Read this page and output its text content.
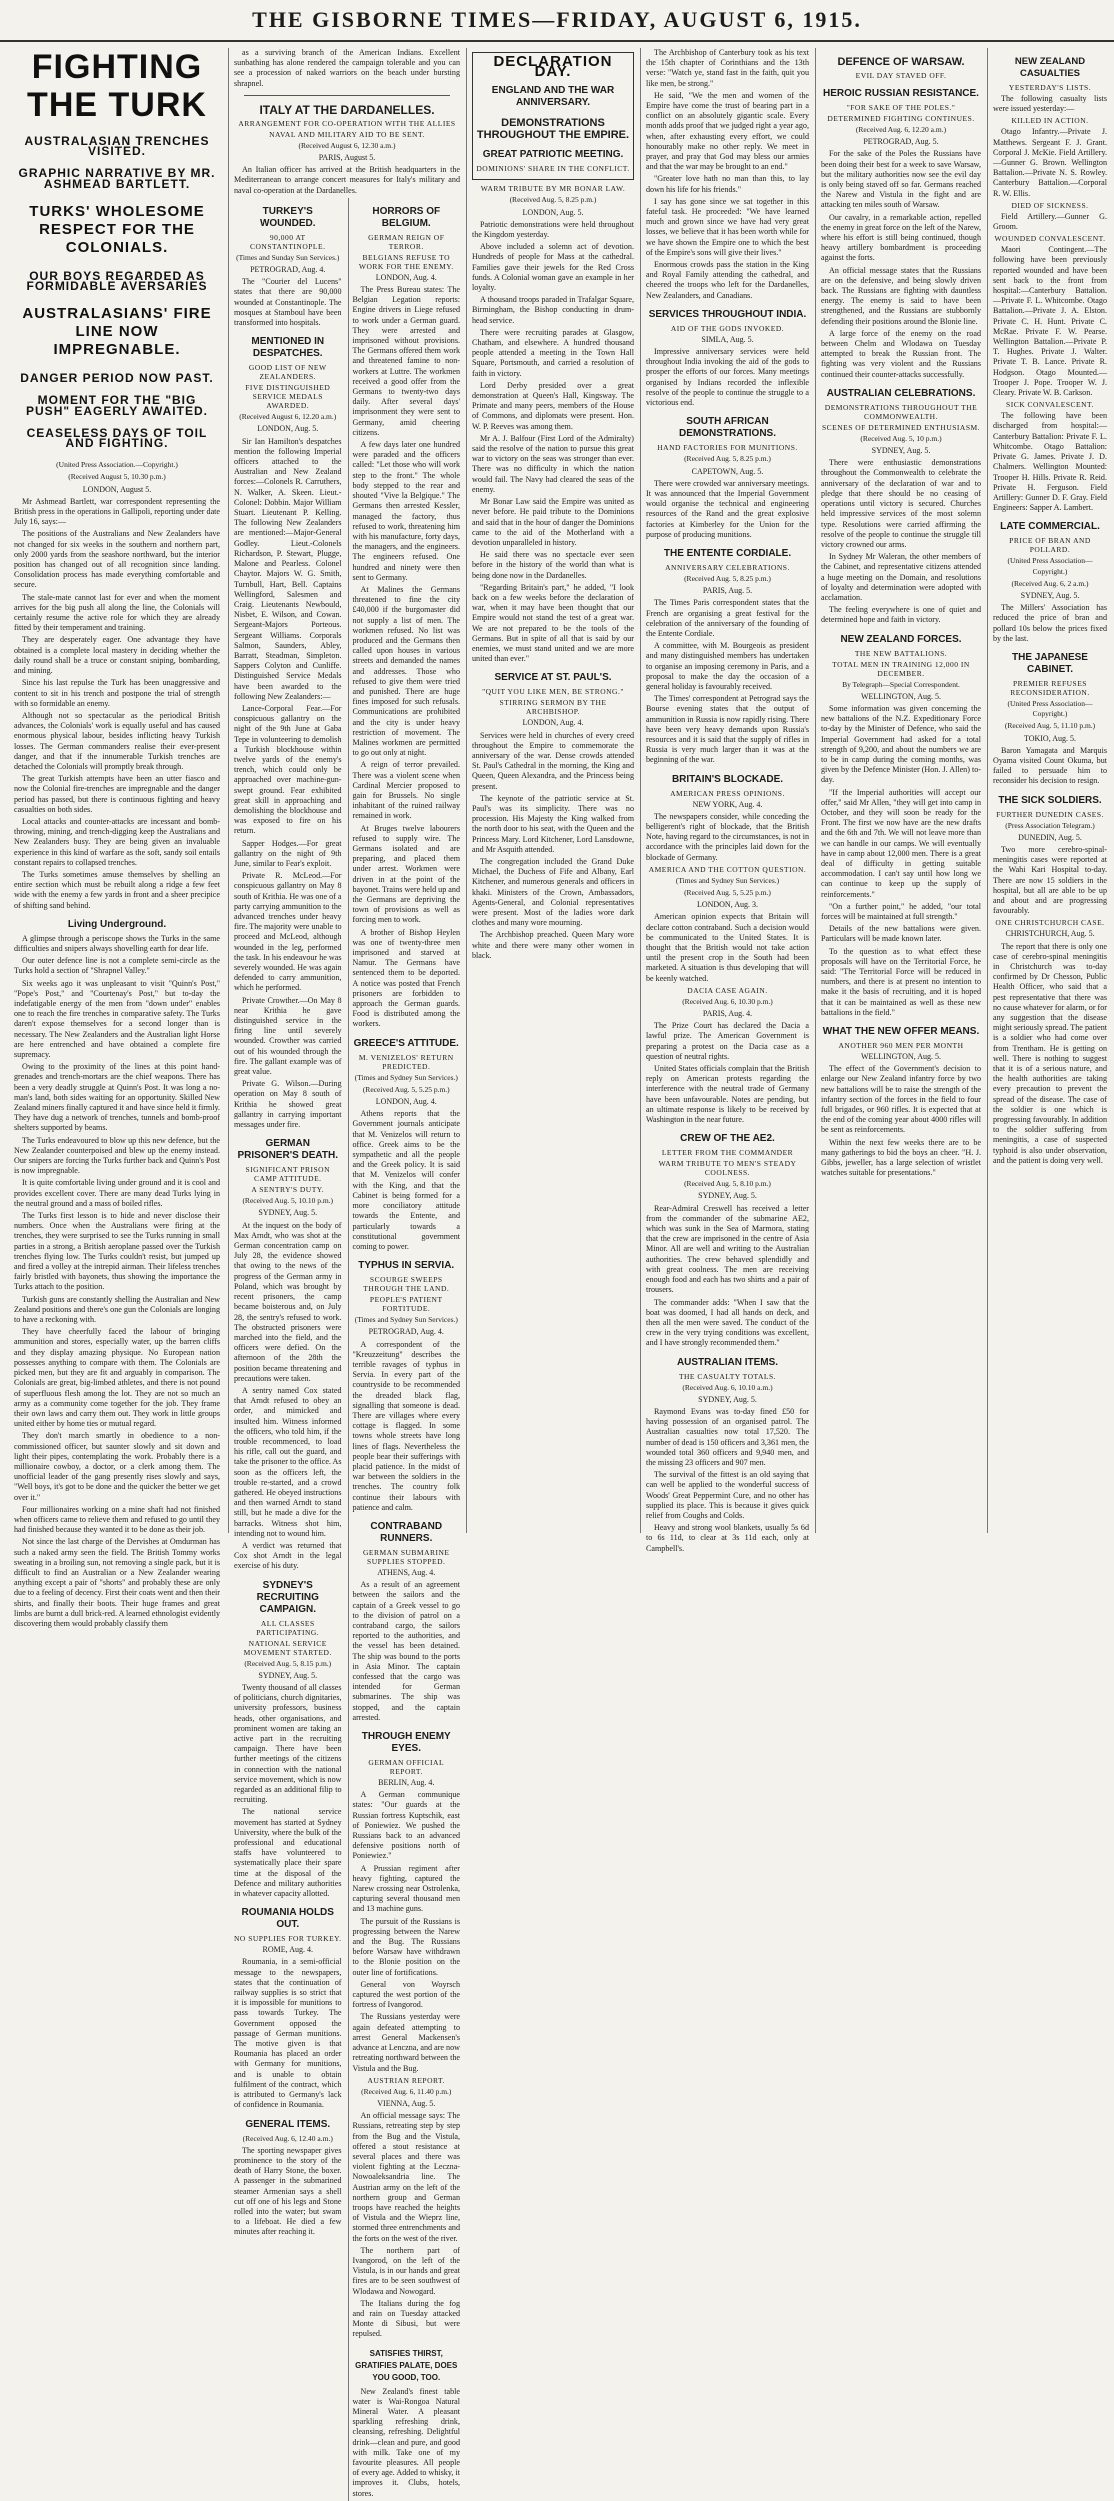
THE GISBORNE TIMES—FRIDAY, AUGUST 6, 1915.
FIGHTING THE TURK
AUSTRALASIAN TRENCHES VISITED.
GRAPHIC NARRATIVE BY MR. ASHMEAD BARTLETT.
TURKS' WHOLESOME RESPECT FOR THE COLONIALS.
OUR BOYS REGARDED AS FORMIDABLE AVERSARIES
AUSTRALASIANS' FIRE LINE NOW IMPREGNABLE.
DANGER PERIOD NOW PAST.
MOMENT FOR THE "BIG PUSH" EAGERLY AWAITED.
CEASELESS DAYS OF TOIL AND FIGHTING.
(United Press Association.—Copyright.)
(Received August 5, 10.30 p.m.)
LONDON, August 5.

Mr Ashmead Bartlett, war correspondent representing the British press in the operations in Gallipoli, reporting under date July 16, says:—

The positions of the Australians and New Zealanders have not changed for six weeks in the southern and northern part, only 2000 yards from the seashore northward, but the interior position has changed out of all recognition since landing. Consolidation process has made everything comfortable and secure.

The stale-mate cannot last for ever and when the moment arrives for the big push all along the line, the Colonials will certainly resume the active role for which they are already fitted by their temperament and training.

They are desperately eager. One advantage they have obtained is a complete local mastery in deciding whether the daily round shall be a truce or constant sniping, bombarding, and mining.

Since his last repulse the Turk has been unaggressive and content to sit in his trench and postpone the trial of strength with so formidable an enemy.

Although not so spectacular as the periodical British advances, the Colonials' work is equally useful and has caused enormous physical labour, besides inflicting heavy Turkish losses. The German commanders realise their ever-present danger, and that if the innumerable Turkish trenches are detached the Colonials will promptly break through.

The great Turkish attempts have been an utter fiasco and now the Colonial fire-trenches are impregnable and the danger period has passed, but there is continuous fighting and heavy casualties on both sides.

Local attacks and counter-attacks are incessant and bomb-throwing, mining, and trench-digging keep the Australians and New Zealanders busy. They are being given an invaluable experience in this kind of warfare as the soft, sandy soil entails constant repairs to collapsed trenches.

The Turks sometimes amuse themselves by shelling an entire section which must be rebuilt along a ridge a few feet wide with the enemy a few yards in front and a sheer precipice of shifting sand behind.

Living Underground.

A glimpse through a periscope shows the Turks in the same difficulties and snipers always shovelling earth for dear life.

Our outer defence line is not a complete semi-circle as the Turks hold a section of "Shrapnel Valley."

Six weeks ago it was unpleasant to visit "Quinn's Post," "Pope's Post," and "Courtenay's Post," but to-day the indefatigable energy of the men from "down under" enables one to reach the fire trenches in comparative safety. The Turks daren't expose themselves for a second longer than is necessary. The New Zealanders and the Australian light Horse are here entrenched and have obtained a complete fire supremacy.

Owing to the proximity of the lines at this point hand-grenades and trench-mortars are the chief weapons. There has been a very deadly struggle at Quinn's Post. It was long a no-man's land, both sides waiting for an opportunity. Skilled New Zealand miners finally captured it and have since held it firmly. They have dug a network of trenches, tunnels and bomb-proof shelters supported by beams.

The Turks endeavoured to blow up this new defence, but the New Zealander counterpoised and blew up the enemy instead. Our snipers are forcing the Turks further back and Quinn's Post is now impregnable.

It is quite comfortable living under ground and it is cool and provides excellent cover. There are many dead Turks lying in the neutral ground and a mass of boiled rifles.

The Turks first lesson is to hide and never disclose their numbers. Once when the Australians were firing at the trenches, they were surprised to see the Turks running in small parties in a strong, a British aeroplane passed over the Turkish trenches flying low. The Turks couldn't resist, but jumped up and fired a volley at the intrepid airman. Their lifeless trenches fairly bristled with bayonets, thus showing the importance the Turks attach to the position.

Turkish guns are constantly shelling the Australian and New Zealand positions and there's one gun the Colonials are longing to have a reckoning with.

They have cheerfully faced the labour of bringing ammunition and stores, especially water, up the barren cliffs and they display amazing physique. No European nation possesses anything to compare with them. The Colonials are picked men, but they are fit and arguably in comparison. The Colonials are great, big-limbed athletes, and there is not pound of superfluous flesh among the lot. They are not so much an army as a community come together for the job. They frame their own laws and carry them out. They work in little groups united either by home ties or mutual regard.

They don't march smartly in obedience to a non-commissioned officer, but saunter slowly and sit down and light their pipes, contemplating the work. Probably there is a millionaire cowboy, a doctor, or a clerk among them. The unofficial leader of the gang presently rises slowly and says, "Well boys, it's got to be done and the quicker the better we get over it."

Four millionaires working on a mine shaft had not finished when officers came to relieve them and refused to go until they had finished because they wanted it to be done as their job.

Not since the last charge of the Dervishes at Omdurman has such a naked army seen the field. The British Tommy works sweating in a broiling sun, not removing a single pack, but it is difficult to find an Australian or a New Zealander wearing anything except a pair of "shorts" and probably these are only due to a feeling of decency. First their coats went and then their shirts, and finally their boots. Their huge frames and great limbs are burnt a dull brick-red. A learned ethnologist evidently discovering them would probably classify them

as a surviving branch of the American Indians. Excellent sunbathing has alone rendered the campaign tolerable and you can see a procession of naked warriors on the beach under bursting shrapnel.

ITALY AT THE DARDANELLES.
ARRANGEMENT FOR CO-OPERATION WITH THE ALLIES
NAVAL AND MILITARY AID TO BE SENT.
(Received August 6, 12.30 a.m.)
PARIS, August 5.

An Italian officer has arrived at the British headquarters in the Mediterranean to arrange concert measures for Italy's military and naval co-operation at the Dardanelles.

TURKEY'S WOUNDED.
90,000 AT CONSTANTINOPLE.
(Times and Sunday Sun Services.)
PETROGRAD, Aug. 4.

The "Courier del Lucens" states that there are 90,000 wounded at Constantinople. The mosques at Stamboul have been transformed into hospitals.

MENTIONED IN DESPATCHES.
GOOD LIST OF NEW ZEALANDERS.
FIVE DISTINGUISHED SERVICE MEDALS AWARDED.
(Received August 6, 12.20 a.m.)
LONDON, Aug. 5.

Sir Ian Hamilton's despatches mention the following Imperial officers attached to the Australian and New Zealand forces:—Colonels R. Carruthers, N. Walker, A. Skeen. Lieut.-Colonel: Dobbin. Major William Stuart. Lieutenant P. Kelling. The following New Zealanders are mentioned:—Major-General Godley. Lieut.-Colonels Richardson, P. Stewart, Plugge, Malone and Pearless. Colonel Chaytor. Majors W. G. Smith, Turnbull, Hart, Bell. Captains Wellingford, Salesmen and Craig. Lieutenants Newbould, Nisbet, E. Wilson, and Cowan. Sergeant-Majors Porteous. Sergeant Williams. Corporals Salmon, Saunders, Abley, Barratt, Steadman, Simpleton. Sappers Colyton and Cunliffe. Distinguished Service Medals have been awarded to the following New Zealanders:—

Lance-Corporal Fear.—For conspicuous gallantry on the night of the 9th June at Gaba Tepe in volunteering to demolish a Turkish blockhouse within twelve yards of the enemy's trench, which could only be approached over machine-gun-swept ground. Fear exhibited great skill in approaching and demolishing the blockhouse and was exposed to fire on his return.

Sapper Hodges.—For great gallantry on the night of 9th June, similar to Fear's exploit.

Private R. McLeod.—For conspicuous gallantry on May 8 south of Krithia. He was one of a party carrying ammunition to the advanced trenches under heavy fire. The majority were unable to proceed and McLeod, although wounded in the leg, performed the task. In his endeavour he was severely wounded. He was again defended to carry ammunition, which he performed.

Private Crowther.—On May 8 near Krithia he gave distinguished service in the firing line until severely wounded. Crowther was carried out of his wounded through the fire. The gallant example was of great value.

Private G. Wilson.—During operation on May 8 south of Krithia he showed great gallantry in carrying important messages under fire.

GERMAN PRISONER'S DEATH.
SIGNIFICANT PRISON CAMP ATTITUDE.
A SENTRY'S DUTY.
(Received Aug. 5, 10.10 p.m.)
SYDNEY, Aug. 5.

At the inquest on the body of Max Arndt, who was shot at the German concentration camp on July 28, the evidence showed that owing to the news of the progress of the German army in Poland, which was brought by recent prisoners, the camp became boisterous and, on July 28, the sentry's refused to work. The obstructed prisoners were marched into the field, and the officers were defied. On the afternoon of the 28th the position became threatening and precautions were taken.

A sentry named Cox stated that Arndt refused to obey an order, and mimicked and insulted him. Witness informed the officers, who told him, if the trouble recommenced, to load his rifle, call out the guard, and take the prisoner to the office. As soon as the officers left, the trouble re-started, and a crowd gathered. He obeyed instructions and then warned Arndt to stand still, but he made a dive for the barracks. Witness shot him, intending not to wound him.

A verdict was returned that Cox shot Arndt in the legal exercise of his duty.

SYDNEY'S RECRUITING CAMPAIGN.
ALL CLASSES PARTICIPATING.
NATIONAL SERVICE MOVEMENT STARTED.
(Received Aug. 5, 8.15 p.m.)
SYDNEY, Aug. 5.

Twenty thousand of all classes of politicians, church dignitaries, university professors, business heads, other organisations, and prominent women are taking an active part in the recruiting campaign. There have been further meetings of the citizens in connection with the national service movement, which is now regarded as an additional filip to recruiting.

The national service movement has started at Sydney University, where the bulk of the professional and educational staffs have volunteered to systematically place their spare time at the disposal of the Defence and military authorities in whatever capacity allotted.

ROUMANIA HOLDS OUT.
NO SUPPLIES FOR TURKEY.
ROME, Aug. 4.

Roumania, in a semi-official message to the newspapers, states that the continuation of railway supplies is so strict that it is impossible for munitions to pass towards Turkey. The Government opposed the passage of German munitions. The motive given is that Roumania has placed an order with Germany for munitions, and is unable to obtain fulfilment of the contract, which is attributed to Germany's lack of confidence in Roumania.

GENERAL ITEMS.
(Received Aug. 6, 12.40 a.m.)

The sporting newspaper gives prominence to the story of the death of Harry Stone, the boxer. A passenger in the submarined steamer Armenian says a shell cut off one of his legs and Stone rolled into the water; but swam to a lifeboat. He died a few minutes after reaching it.

HORRORS OF BELGIUM.
GERMAN REIGN OF TERROR.
BELGIANS REFUSE TO WORK FOR THE ENEMY.
LONDON, Aug. 4.

The Press Bureau states: The Belgian Legation reports: Engine drivers in Liege refused to work under a German guard. They were arrested and imprisoned without provisions. The Germans offered them work and threatened famine to non-workers at Luttre. The workmen received a good offer from the Germans to twenty-two days daily. After several days' imprisonment they were sent to Germany, amid cheering citizens.

A few days later one hundred were paraded and the officers called: "Let those who will work step to the front." The whole body stepped to the rear and shouted "Vive la Belgique." The Germans then arrested Kessler, managed the factory, thus refused to work, threatening him with his manufacture, forty days, the managers, and the engineers. The engineers refused. One hundred and ninety were then sent to Germany.

At Malines the Germans threatened to fine the city £40,000 if the burgomaster did not supply a list of men. The workmen refused. No list was produced and the Germans then called upon houses in various streets and demanded the names and addresses. Those who refused to give them were tried and punished. There are huge fines imposed for such refusals. Communications are prohibited and the city is under heavy restriction of movement. The Malines workmen are permitted to go out only at night.

A reign of terror prevailed. There was a violent scene when Cardinal Mercier proposed to gain for Brussels. No single inhabitant of the ruined railway remained in work.

At Bruges twelve labourers refused to supply wire. The Germans isolated and are preparing, and placed them under arrest. Workmen were driven in at the point of the bayonet. Trains were held up and the Germans are depriving the town of provisions as well as forcing men to work.

A brother of Bishop Heylen was one of twenty-three men imprisoned and starved at Namur. The Germans have sentenced them to be deported. A notice was posted that French prisoners are forbidden to approach the German guards. Food is distributed among the workers.

GREECE'S ATTITUDE.
M. VENIZELOS' RETURN PREDICTED.
(Times and Sydney Sun Services.)
(Received Aug. 5, 5.25 p.m.)
LONDON, Aug. 4.

Athens reports that the Government journals anticipate that M. Venizelos will return to office. Greek aims to be the sympathetic and all the people and the Greek policy. It is said that M. Venizelos will confer with the King, and that the Cabinet is being formed for a more conciliatory attitude towards the Entente, and particularly towards a constitutional government coming to power.

TYPHUS IN SERVIA.
SCOURGE SWEEPS THROUGH THE LAND.
PEOPLE'S PATIENT FORTITUDE.
(Times and Sydney Sun Services.)
PETROGRAD, Aug. 4.

A correspondent of the "Kreuzzeitung" describes the terrible ravages of typhus in Servia. In every part of the countryside to be recommended the dreaded black flag, signalling that someone is dead. There are villages where every cottage is flagged. In some towns whole streets have long lines of flags. Nevertheless the people bear their sufferings with placid patience. In the midst of war between the soldiers in the trenches. The country folk continue their labours with patience and calm.

CONTRABAND RUNNERS.
GERMAN SUBMARINE SUPPLIES STOPPED.
ATHENS, Aug. 4.

As a result of an agreement between the sailors and the captain of a Greek vessel to go to the division of patrol on a contraband cargo, the sailors reported to the authorities, and the vessel has been detained. The ship was bound to the ports in Asia Minor. The captain confessed that the cargo was intended for German submarines. The ship was stopped, and the captain arrested.

THROUGH ENEMY EYES.
GERMAN OFFICIAL REPORT.
BERLIN, Aug. 4.

A German communique states: "Our guards at the Russian fortress Kuptschik, east of Poniewiez. We pushed the Russians back to an advanced defensive positions north of Poniewiez."

A Prussian regiment after heavy fighting, captured the Narew crossing near Ostrolenka, capturing several thousand men and 13 machine guns.

The pursuit of the Russians is progressing between the Narew and the Bug. The Russians before Warsaw have withdrawn to the Blonie position on the outer line of fortifications.

General von Woyrsch captured the west portion of the fortress of Ivangorod.

The Russians yesterday were again defeated attempting to arrest General Mackensen's advance at Lenczna, and are now retreating northward between the Vistula and the Bug.

AUSTRIAN REPORT.
(Received Aug. 6, 11.40 p.m.)
VIENNA, Aug. 5.

An official message says: The Russians, retreating step by step from the Bug and the Vistula, offered a stout resistance at several places and there was violent fighting at the Leczna-Nowoaleksandria line. The Austrian army on the left of the northern group and German troops have reached the heights of Vistula and the Wieprz line, stormed three entrenchments and the forts on the west of the river.

The northern part of Ivangorod, on the left of the Vistula, is in our hands and great fires are to be seen southwest of Wlodawa and Nowogard.

The Italians during the fog and rain on Tuesday attacked Monte di Sibusi, but were repulsed.

SATISFIES THIRST, GRATIFIES PALATE, DOES YOU GOOD, TOO.

New Zealand's finest table water is Wai-Rongoa Natural Mineral Water. A pleasant sparkling refreshing drink, cleansing, refreshing. Delightful drink—clean and pure, and good with milk. Take one of my favourite pleasures. All people of every age. Added to whisky, it improves it. Clubs, hotels, stores.

DECLARATION DAY.
ENGLAND AND THE WAR ANNIVERSARY.
DEMONSTRATIONS THROUGHOUT THE EMPIRE.
GREAT PATRIOTIC MEETING.
DOMINIONS' SHARE IN THE CONFLICT.
WARM TRIBUTE BY MR BONAR LAW.
(Received Aug. 5, 8.25 p.m.)
LONDON, Aug. 5.

Patriotic demonstrations were held throughout the Kingdom yesterday.

Above included a solemn act of devotion. Hundreds of people for Mass at the cathedral. Families gave their jewels for the Red Cross funds. A Colonial woman gave an example in her loyalty.

A thousand troops paraded in Trafalgar Square, Birmingham, the Bishop conducting in drum-head service.

There were recruiting parades at Glasgow, Chatham, and elsewhere. A hundred thousand people attended a meeting in the Town Hall Square, Portsmouth, and carried a resolution of faith in victory.

Lord Derby presided over a great demonstration at Queen's Hall, Kingsway. The Primate and many peers, members of the House of Commons, and diplomats were present. Hon. W. P. Reeves was among them.

Mr A. J. Balfour (First Lord of the Admiralty) said the resolve of the nation to pursue this great war to victory on the seas was stronger than ever. There was no difficulty in which the nation would fail. The Navy had cleared the seas of the enemy.

Mr Bonar Law said the Empire was united as never before. He paid tribute to the Dominions and said that in the hour of danger the Dominions came to the aid of the Motherland with a devotion unparalleled in history.

He said there was no spectacle ever seen before in the history of the world than what is being done now in the Dardanelles.

"Regarding Britain's part," he added, "I look back on a few weeks before the declaration of war, when it may have been thought that our Empire would not stand the test of a great war. We are not prepared to be the tools of the Germans. But in spite of all that is said by our enemies, we must stand united and we are more united than ever."

SERVICE AT ST. PAUL'S.
"QUIT YOU LIKE MEN, BE STRONG."
STIRRING SERMON BY THE ARCHBISHOP.
LONDON, Aug. 4.

Services were held in churches of every creed throughout the Empire to commemorate the anniversary of the war. Dense crowds attended St. Paul's Cathedral in the morning, the King and Queen, Queen Alexandra, and the Princess being present.

The keynote of the patriotic service at St. Paul's was its simplicity. There was no procession. His Majesty the King walked from the north door to his seat, with the Queen and the Princess Mary. Lord Kitchener, Lord Lansdowne, and Mr Asquith attended.

The congregation included the Grand Duke Michael, the Duchess of Fife and Albany, Earl Kitchener, and numerous generals and officers in khaki. Ministers of the Crown, Ambassadors, Agents-General, and Colonial representatives were present. Most of the ladies wore dark clothes and many wore mourning.

The Archbishop preached. Queen Mary wore white and there were many other women in black.

The Archbishop of Canterbury took as his text the 15th chapter of Corinthians and the 13th verse: "Watch ye, stand fast in the faith, quit you like men, be strong."

He said, "We the men and women of the Empire have come the trust of bearing part in a conflict on an absolutely gigantic scale. Every month adds proof that we judged right a year ago, when, after exhausting every effort, we could honourably make no other reply. We meet in prayer, and pray that God may bless our armies and that the war may be brought to an end."

"Greater love hath no man than this, to lay down his life for his friends."

I say has gone since we sat together in this fateful task. He proceeded: "We have learned much and grown since we have had very great losses, we believe that it has been worth while for we have shown the Empire one to which the best of the Empire's sons will give their lives."

Enormous crowds pass the station in the King and Royal Family attending the cathedral, and cheered the troops who left for the Dardanelles, New Zealanders, and Canadians.

SERVICES THROUGHOUT INDIA.
AID OF THE GODS INVOKED.
SIMLA, Aug. 5.

Impressive anniversary services were held throughout India invoking the aid of the gods to prosper the efforts of our forces. Many meetings organised by Indians recorded the inflexible resolve of the people to continue the struggle to a victorious end.

SOUTH AFRICAN DEMONSTRATIONS.
HAND FACTORIES FOR MUNITIONS.
(Received Aug. 5, 8.25 p.m.)
CAPETOWN, Aug. 5.

There were crowded war anniversary meetings. It was announced that the Imperial Government would organise the technical and engineering resources of the Rand and the great explosive factories at Kimberley for the Union for the purpose of producing munitions.

THE ENTENTE CORDIALE.
ANNIVERSARY CELEBRATIONS.
(Received Aug. 5, 8.25 p.m.)
PARIS, Aug. 5.

The Times Paris correspondent states that the French are organising a great festival for the celebration of the anniversary of the founding of the Entente Cordiale.

A committee, with M. Bourgeois as president and many distinguished members has undertaken to organise an imposing ceremony in Paris, and a proposal to make the day the occasion of a general holiday is favourably received.

The Times' correspondent at Petrograd says the Bourse evening states that the output of ammunition in Russia is now rapidly rising. There have been very heavy demands upon Russia's resources and it is said that the supply of rifles in Russia is very much larger than it was at the beginning of the war.

BRITAIN'S BLOCKADE.
AMERICAN PRESS OPINIONS.
NEW YORK, Aug. 4.

The newspapers consider, while conceding the belligerent's right of blockade, that the British Note, having regard to the circumstances, is not in accordance with the principles laid down for the blockade of Germany.

AMERICA AND THE COTTON QUESTION.
(Times and Sydney Sun Services.)
(Received Aug. 5, 5.25 p.m.)
LONDON, Aug. 3.

American opinion expects that Britain will declare cotton contraband. Such a decision would be communicated to the United States. It is thought that the British would not take action until the present crop in the South had been marketed. A situation is thus developing that will be keenly watched.

DACIA CASE AGAIN.
(Received Aug. 6, 10.30 p.m.)
PARIS, Aug. 4.

The Prize Court has declared the Dacia a lawful prize. The American Government is preparing a protest on the Dacia case as a question of neutral rights.

United States officials complain that the British reply on American protests regarding the interference with the neutral trade of Germany have been unfavourable. Notes are pending, but an ultimate response is likely to be received by Washington in the near future.

CREW OF THE AE2.
LETTER FROM THE COMMANDER
WARM TRIBUTE TO MEN'S STEADY COOLNESS.
(Received Aug. 5, 8.10 p.m.)
SYDNEY, Aug. 5.

Rear-Admiral Creswell has received a letter from the commander of the submarine AE2, which was sunk in the Sea of Marmora, stating that the crew are imprisoned in the centre of Asia Minor. All are well and writing to the Australian authorities. The crew behaved splendidly and with great coolness. The men are receiving enough food and each has two shirts and a pair of trousers.

The commander adds: "When I saw that the boat was doomed, I had all hands on deck, and then all the men were saved. The conduct of the crew in the very trying conditions was excellent, and I have strongly recommended them."

AUSTRALIAN ITEMS.
THE CASUALTY TOTALS.
(Received Aug. 6, 10.10 a.m.)
SYDNEY, Aug. 5.

Raymond Evans was to-day fined £50 for having possession of an organised patrol. The Australian casualties now total 17,520. The number of dead is 150 officers and 3,361 men, the wounded total 360 officers and 9,940 men, and the missing 23 officers and 907 men.

The survival of the fittest is an old saying that can well be applied to the wonderful success of Woods' Great Peppermint Cure, and no other has supplied its place. This is because it gives quick relief from Coughs and Colds.

Heavy and strong wool blankets, usually 5s 6d to 6s 11d, to clear at 3s 11d each, only at Campbell's.

DEFENCE OF WARSAW.
EVIL DAY STAVED OFF.
HEROIC RUSSIAN RESISTANCE.
"FOR SAKE OF THE POLES."
DETERMINED FIGHTING CONTINUES.
(Received Aug. 6, 12.20 a.m.)
PETROGRAD, Aug. 5.

For the sake of the Poles the Russians have been doing their best for a week to save Warsaw, but the military authorities now see the evil day is only being staved off so far. Germans reached the Narew and Vistula in the fight and are attacking ten miles south of Warsaw.

Our cavalry, in a remarkable action, repelled the enemy in great force on the left of the Narew, where his effort is still being continued, though heavy artillery bombardment is proceeding against the forts.

An official message states that the Russians are on the defensive, and being slowly driven back. The Russians are fighting with dauntless energy. The enemy is said to have been strengthened, and the Russians are stubbornly defending their positions around the Blonie line.

A large force of the enemy on the road between Chelm and Wlodawa on Tuesday attempted to break the Russian front. The fighting was very violent and the Russians continued their counter-attacks successfully.

AUSTRALIAN CELEBRATIONS.
DEMONSTRATIONS THROUGHOUT THE COMMONWEALTH.
SCENES OF DETERMINED ENTHUSIASM.
(Received Aug. 5, 10 p.m.)
SYDNEY, Aug. 5.

There were enthusiastic demonstrations throughout the Commonwealth to celebrate the anniversary of the declaration of war and to pledge that there should be no ceasing of operations until victory is secured. Churches held impressive services of the most solemn type. Resolutions were carried affirming the resolve of the people to continue the struggle till victory crowned our arms.

In Sydney Mr Waleran, the other members of the Cabinet, and representative citizens attended a huge meeting on the Domain, and resolutions of loyalty and determination were adopted with acclamation.

The feeling everywhere is one of quiet and determined hope and faith in victory.

NEW ZEALAND FORCES.
THE NEW BATTALIONS.
TOTAL MEN IN TRAINING 12,000 IN DECEMBER.
By Telegraph—Special Correspondent.
WELLINGTON, Aug. 5.

Some information was given concerning the new battalions of the N.Z. Expeditionary Force to-day by the Minister of Defence, who said the Imperial Government had asked for a total strength of 9,200, and about the numbers we are to be in camp during the coming months, was given by the Defence Minister (Hon. J. Allen) to-day.

"If the Imperial authorities will accept our offer," said Mr Allen, "they will get into camp in October, and they will soon be ready for the Front. The first we now have are the new drafts and the 6th and 7th. We will not leave more than we can handle in our camps. We will eventually have in camp about 12,000 men. There is a great deal of difficulty in getting suitable accommodation. I can't say until how long we can continue to keep up the supply of reinforcements."

"On a further point," he added, "our total forces will be maintained at full strength."

Details of the new battalions were given. Particulars will be made known later.

To the question as to what effect these proposals will have on the Territorial Force, he said: "The Territorial Force will be reduced in numbers, and there is at present no intention to make it the basis of recruiting, and it is hoped that it can be maintained as well as these new battalions in the field."

WHAT THE NEW OFFER MEANS.
ANOTHER 960 MEN PER MONTH
WELLINGTON, Aug. 5.

The effect of the Government's decision to enlarge our New Zealand infantry force by two new battalions will be to raise the strength of the infantry section of the forces in the field to four full brigades, or 960 rifles. It is expected that at the end of the coming year about 4000 rifles will be sent as reinforcements.

Within the next few weeks there are to be many gatherings to bid the boys an cheer. "H. J. Gibbs, jeweller, has a large selection of wristlet watches suitable for presentations."

NEW ZEALAND CASUALTIES
YESTERDAY'S LISTS.

The following casualty lists were issued yesterday:—

KILLED IN ACTION.

Otago Infantry.—Private J. Matthews. Sergeant F. J. Grant. Corporal J. McKie. Field Artillery.—Gunner G. Brown. Wellington Battalion.—Private N. S. Rowley. Canterbury Battalion.—Corporal R. W. Ellis.

DIED OF SICKNESS.

Field Artillery.—Gunner G. Groom.

WOUNDED CONVALESCENT.

Maori Contingent.—The following have been previously reported wounded and have been sent back to the front from hospital:—Canterbury Battalion.—Private F. L. Whitcombe. Otago Battalion.—Private J. A. Elston. Private C. H. Hunt. Private C. McRae. Private F. W. Pearse. Wellington Battalion.—Private P. T. Hughes. Private J. Walter. Private T. B. Lance. Private R. Hodgson. Otago Mounted.—Trooper J. Pope. Trooper W. J. Cleary. Private W. B. Carkson.

SICK CONVALESCENT.

The following have been discharged from hospital:—Canterbury Battalion: Private F. L. Whitcombe. Otago Battalion: Private G. James. Private J. D. Chalmers. Wellington Mounted: Trooper H. Hills. Private R. Reid. Private H. Ferguson. Field Artillery: Gunner D. F. Gray. Field Engineers: Sapper A. Lambert.

LATE COMMERCIAL.
PRICE OF BRAN AND POLLARD.
(United Press Association—Copyright.)
(Received Aug. 6, 2 a.m.)
SYDNEY, Aug. 5.

The Millers' Association has reduced the price of bran and pollard 10s below the prices fixed by the last.

THE JAPANESE CABINET.
PREMIER REFUSES RECONSIDERATION.
(United Press Association—Copyright.)
(Received Aug. 5, 11.10 p.m.)
TOKIO, Aug. 5.

Baron Yamagata and Marquis Oyama visited Count Okuma, but failed to persuade him to reconsider his decision to resign.

THE SICK SOLDIERS.
FURTHER DUNEDIN CASES.
(Press Association Telegram.)
DUNEDIN, Aug. 5.

Two more cerebro-spinal-meningitis cases were reported at the Wahi Kari Hospital to-day. There are now 15 soldiers in the hospital, but all are able to be up and about and are progressing favourably.

ONE CHRISTCHURCH CASE.
CHRISTCHURCH, Aug. 5.

The report that there is only one case of cerebro-spinal meningitis in Christchurch was to-day confirmed by Dr Chesson, Public Health Officer, who said that a pest representative that there was no cause whatever for alarm, or for any suggestion that the disease might seriously spread. The patient is a soldier who had come over from Trentham. He is getting on well. There is nothing to suggest that it is of a serious nature, and the health authorities are taking every precaution to prevent the spread of the disease. The case of the soldier is one which is progressing favourably. In addition to the soldier suffering from meningitis, a case of suspected typhoid is also under observation, and the patient is doing very well.
